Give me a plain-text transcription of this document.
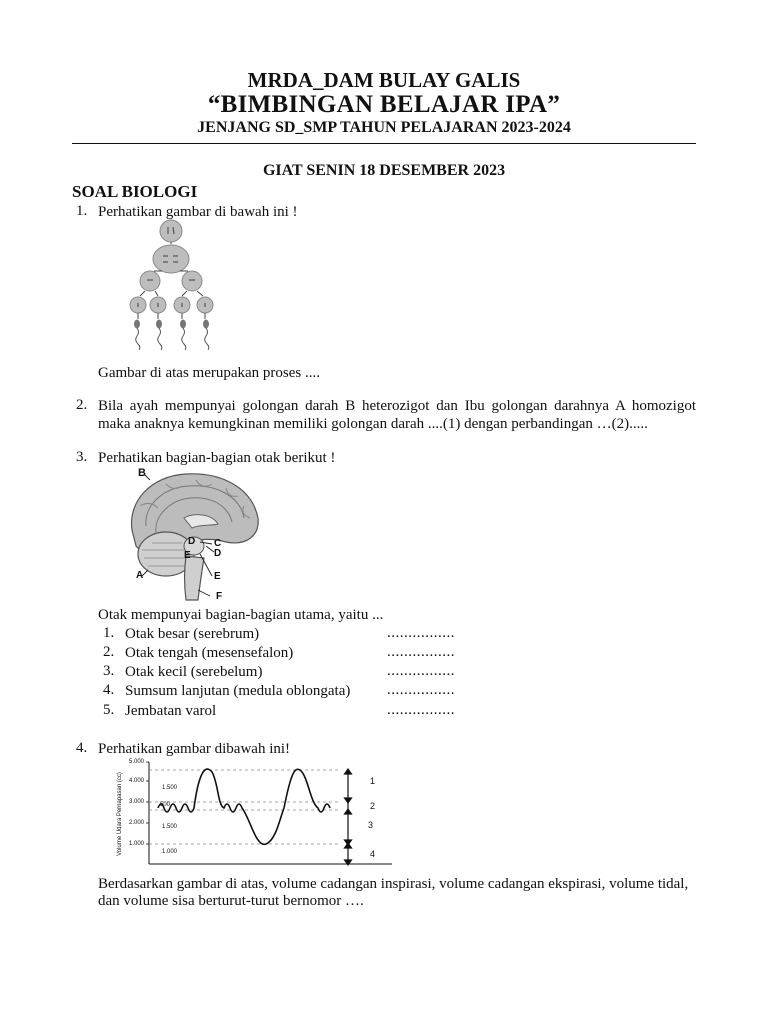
MRDA_DAM BULAY GALIS
“BIMBINGAN BELAJAR IPA”
JENJANG SD_SMP TAHUN PELAJARAN 2023-2024
GIAT SENIN 18 DESEMBER 2023
SOAL BIOLOGI
1. Perhatikan gambar di bawah ini !
Gambar di atas merupakan proses ....
2. Bila ayah mempunyai golongan darah B heterozigot dan Ibu golongan darahnya A homozigot
maka anaknya kemungkinan memiliki golongan darah ....(1) dengan perbandingan …(2).....
3. Perhatikan bagian-bagian otak berikut !
B
D C
D
E
A	E
F
Otak mempunyai bagian-bagian utama, yaitu ...
1. Otak besar (serebrum)	................
2. Otak tengah (mesensefalon)	................
3. Otak kecil (serebelum)	................
4. Sumsum lanjutan (medula oblongata) ................
5. Jembatan varol	................
4. Perhatikan gambar dibawah ini!
Volume Udara Pernapasan (cc)
5.000
4.000
3.000
2.000
1.000
1.500
500
1.500
1.000
1
2
3
4
Berdasarkan gambar di atas, volume cadangan inspirasi, volume cadangan ekspirasi, volume tidal,
dan volume sisa berturut-turut bernomor ….
